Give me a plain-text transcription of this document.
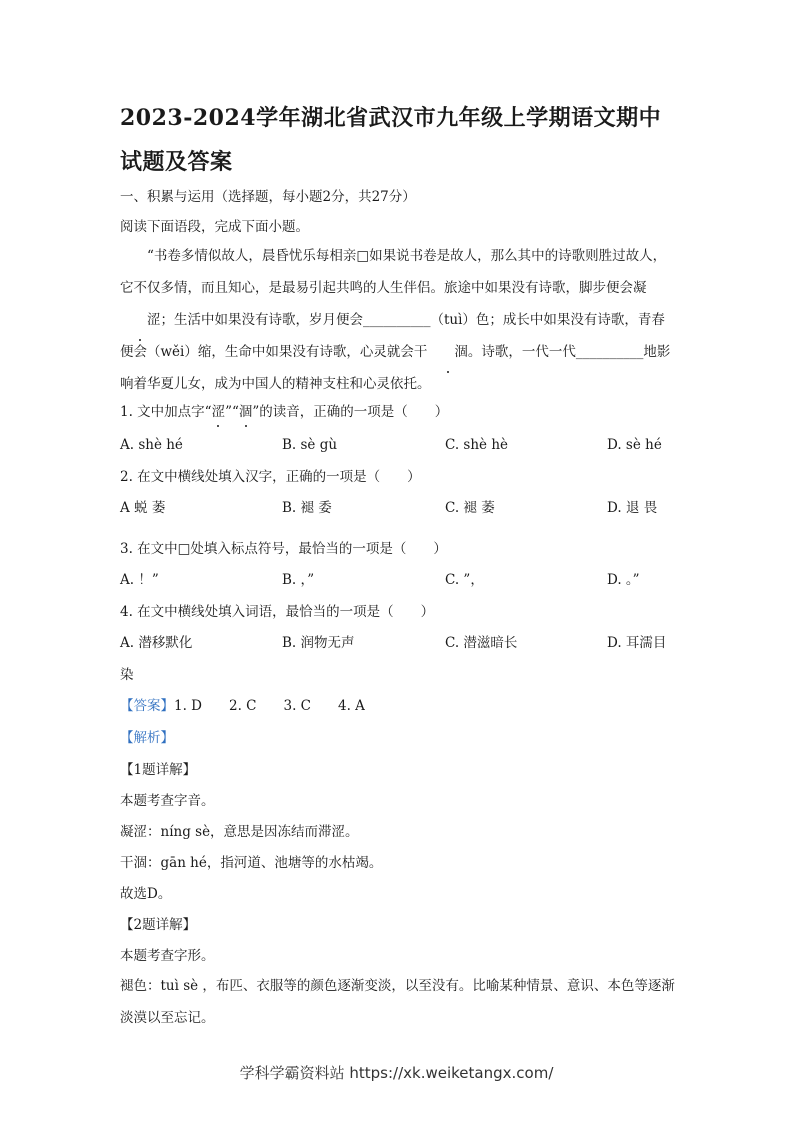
2023-2024学年湖北省武汉市九年级上学期语文期中试题及答案
一、积累与运用（选择题，每小题2分，共27分）
阅读下面语段，完成下面小题。
“书卷多情似故人，晨昏忧乐每相亲□如果说书卷是故人，那么其中的诗歌则胜过故人，它不仅多情，而且知心，是最易引起共鸣的人生伴侣。旅途中如果没有诗歌，脚步便会凝涩；生活中如果没有诗歌，岁月便会__________（tuì）色；成长中如果没有诗歌，青春便会（wěi）缩，生命中如果没有诗歌，心灵就会干 涸。诗歌，一代一代__________地影响着华夏儿女，成为中国人的精神支柱和心灵依托。
1. 文中加点字“涩”“涸”的读音，正确的一项是（　　）
A. shè hé	B. sè gù	C. shè hè	D. sè hé
2. 在文中横线处填入汉字，正确的一项是（　　）
A 蜕 萎	B. 褪 委	C. 褪 萎	D. 退 畏
3. 在文中□处填入标点符号，最恰当的一项是（　　）
A. ！”	B. ，”	C. ”，	D. 。”
4. 在文中横线处填入词语，最恰当的一项是（　　）
A. 潜移默化	B. 润物无声	C. 潜滋暗长	D. 耳濡目
染
【答案】1. D　　2. C　　3. C　　4. A
【解析】
【1题详解】
本题考查字音。
凝涩：níng sè，意思是因冻结而滞涩。
干涸：gān hé，指河道、池塘等的水枯竭。
故选D。
【2题详解】
本题考查字形。
褪色：tuì sè ，布匹、衣服等的颜色逐渐变淡，以至没有。比喻某种情景、意识、本色等逐渐淡漠以至忘记。
学科学霸资料站 https://xk.weiketangx.com/
